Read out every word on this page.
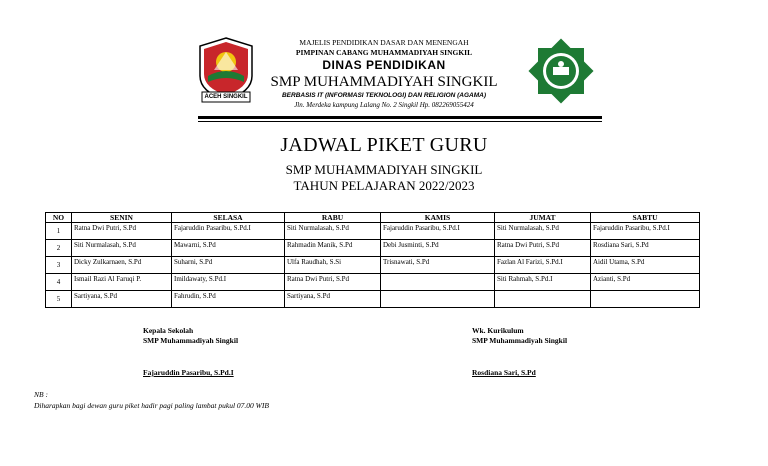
ACEH SINGKIL
MAJELIS PENDIDIKAN DASAR DAN MENENGAH
PIMPINAN CABANG MUHAMMADIYAH SINGKIL
DINAS PENDIDIKAN
SMP MUHAMMADIYAH SINGKIL
BERBASIS IT (INFORMASI TEKNOLOGI) DAN RELIGION (AGAMA)
Jln. Merdeka kampung Lalang No. 2 Singkil Hp. 082269055424
JADWAL PIKET GURU
SMP MUHAMMADIYAH SINGKIL
TAHUN PELAJARAN 2022/2023
NO	SENIN	SELASA	RABU	KAMIS	JUMAT	SABTU
1	Ratna Dwi Putri, S.Pd	Fajaruddin Pasaribu, S.Pd.I	Siti Nurmalasah, S.Pd	Fajaruddin Pasaribu, S.Pd.I	Siti Nurmalasah, S.Pd	Fajaruddin Pasaribu, S.Pd.I
2	Siti Nurmalasah, S.Pd	Mawarni, S.Pd	Rahmadin Manik, S.Pd	Debi Jusminti, S.Pd	Ratna Dwi Putri, S.Pd	Rosdiana Sari, S.Pd
3	Dicky Zulkarnaen, S.Pd	Suharni, S.Pd	Ulfa Raudhah, S.Si	Trisnawati, S.Pd	Fazlan Al Farizi, S.Pd.I	Aidil Utama, S.Pd
4	Ismail Razi Al Faruqi P.	Imildawaty, S.Pd.I	Ratna Dwi Putri, S.Pd		Siti Rahmah, S.Pd.I	Azianti, S.Pd
5	Sartiyana, S.Pd	Fahrudin, S.Pd	Sartiyana, S.Pd			
Kepala Sekolah
SMP Muhammadiyah Singkil
Fajaruddin Pasaribu, S.Pd.I
Wk. Kurikulum
SMP Muhammadiyah Singkil
Rosdiana Sari, S.Pd
NB :
Diharapkan bagi dewan guru piket hadir pagi paling lambat pukul 07.00 WIB
